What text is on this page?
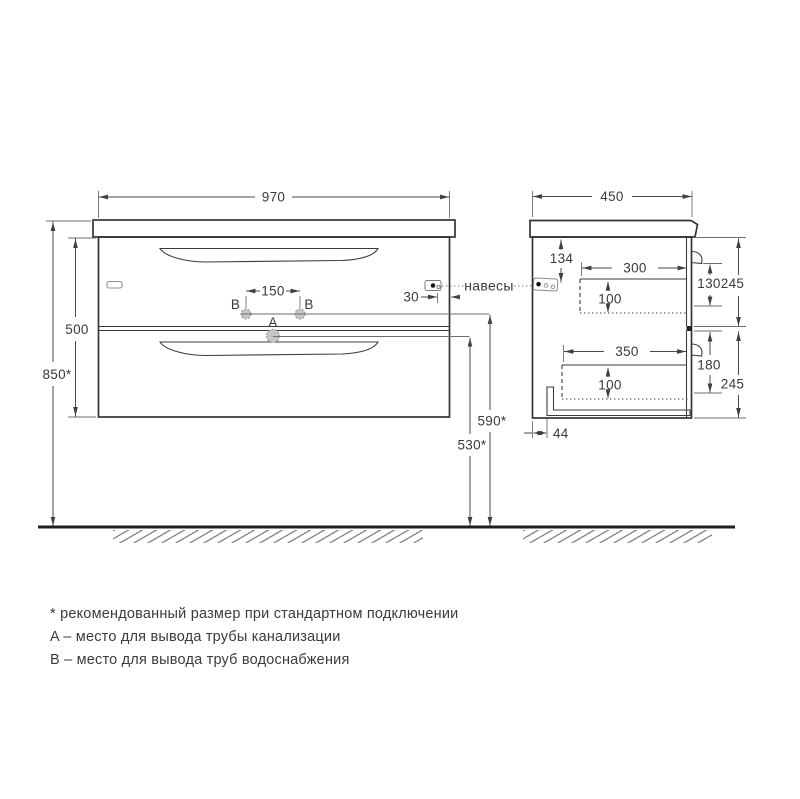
B	B
A
970
500
850*
150	30
навесы
590*
530*
450
134
300
100
350
100
44
130 245
180
245

* рекомендованный размер при стандартном подключении

A – место для вывода трубы канализации

B – место для вывода труб водоснабжения
